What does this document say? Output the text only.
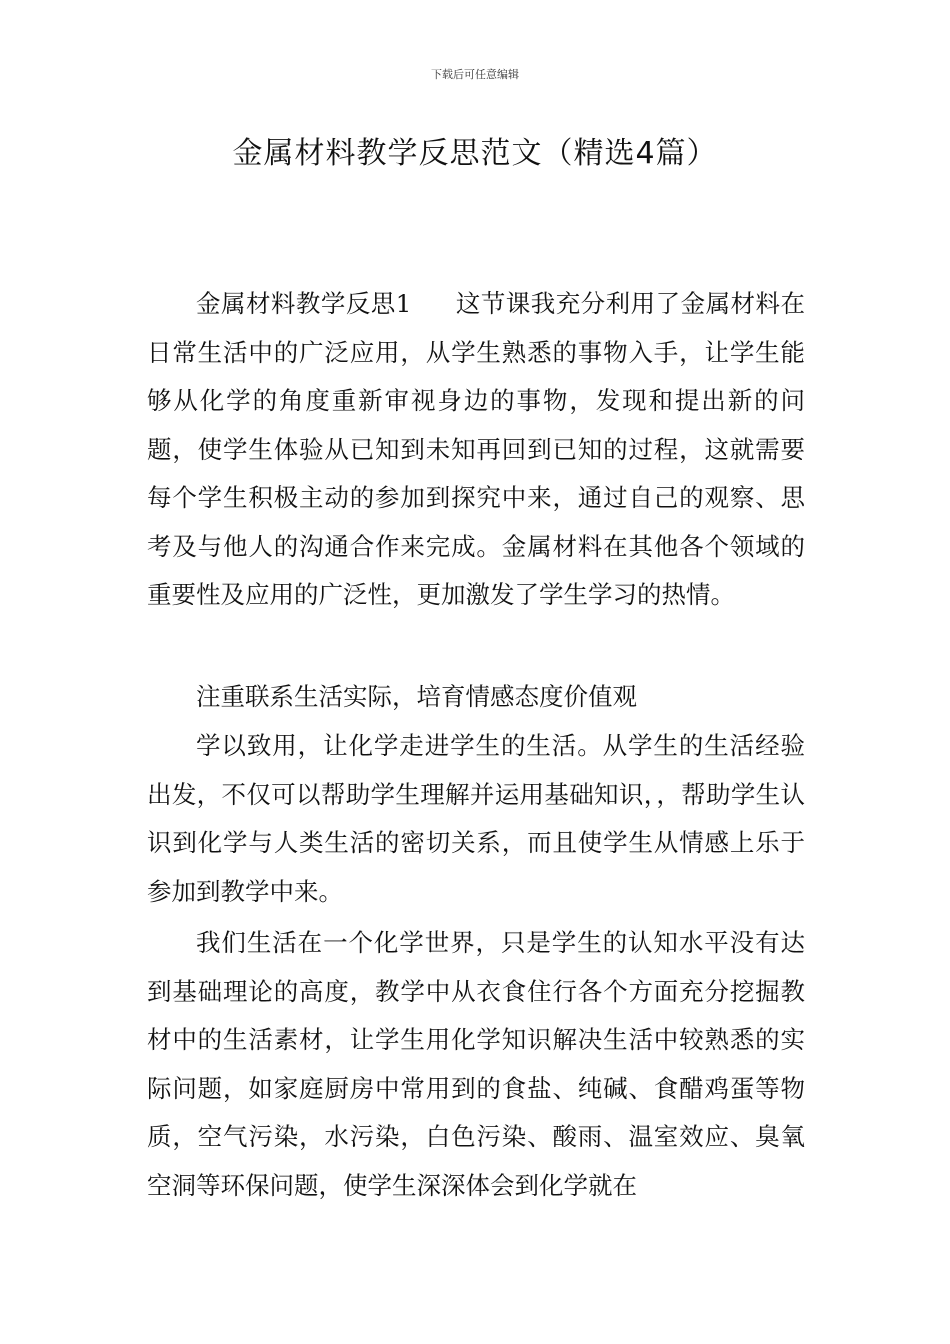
下载后可任意编辑
金属材料教学反思范文（精选4篇）

金属材料教学反思1 这节课我充分利用了金属材料在日常生活中的广泛应用，从学生熟悉的事物入手，让学生能够从化学的角度重新审视身边的事物，发现和提出新的问题，使学生体验从已知到未知再回到已知的过程，这就需要每个学生积极主动的参加到探究中来，通过自己的观察、思考及与他人的沟通合作来完成。金属材料在其他各个领域的重要性及应用的广泛性，更加激发了学生学习的热情。

注重联系生活实际，培育情感态度价值观

学以致用，让化学走进学生的生活。从学生的生活经验出发，不仅可以帮助学生理解并运用基础知识，，帮助学生认识到化学与人类生活的密切关系，而且使学生从情感上乐于参加到教学中来。

我们生活在一个化学世界，只是学生的认知水平没有达到基础理论的高度，教学中从衣食住行各个方面充分挖掘教材中的生活素材，让学生用化学知识解决生活中较熟悉的实际问题，如家庭厨房中常用到的食盐、纯碱、食醋鸡蛋等物质，空气污染，水污染，白色污染、酸雨、温室效应、臭氧空洞等环保问题，使学生深深体会到化学就在
